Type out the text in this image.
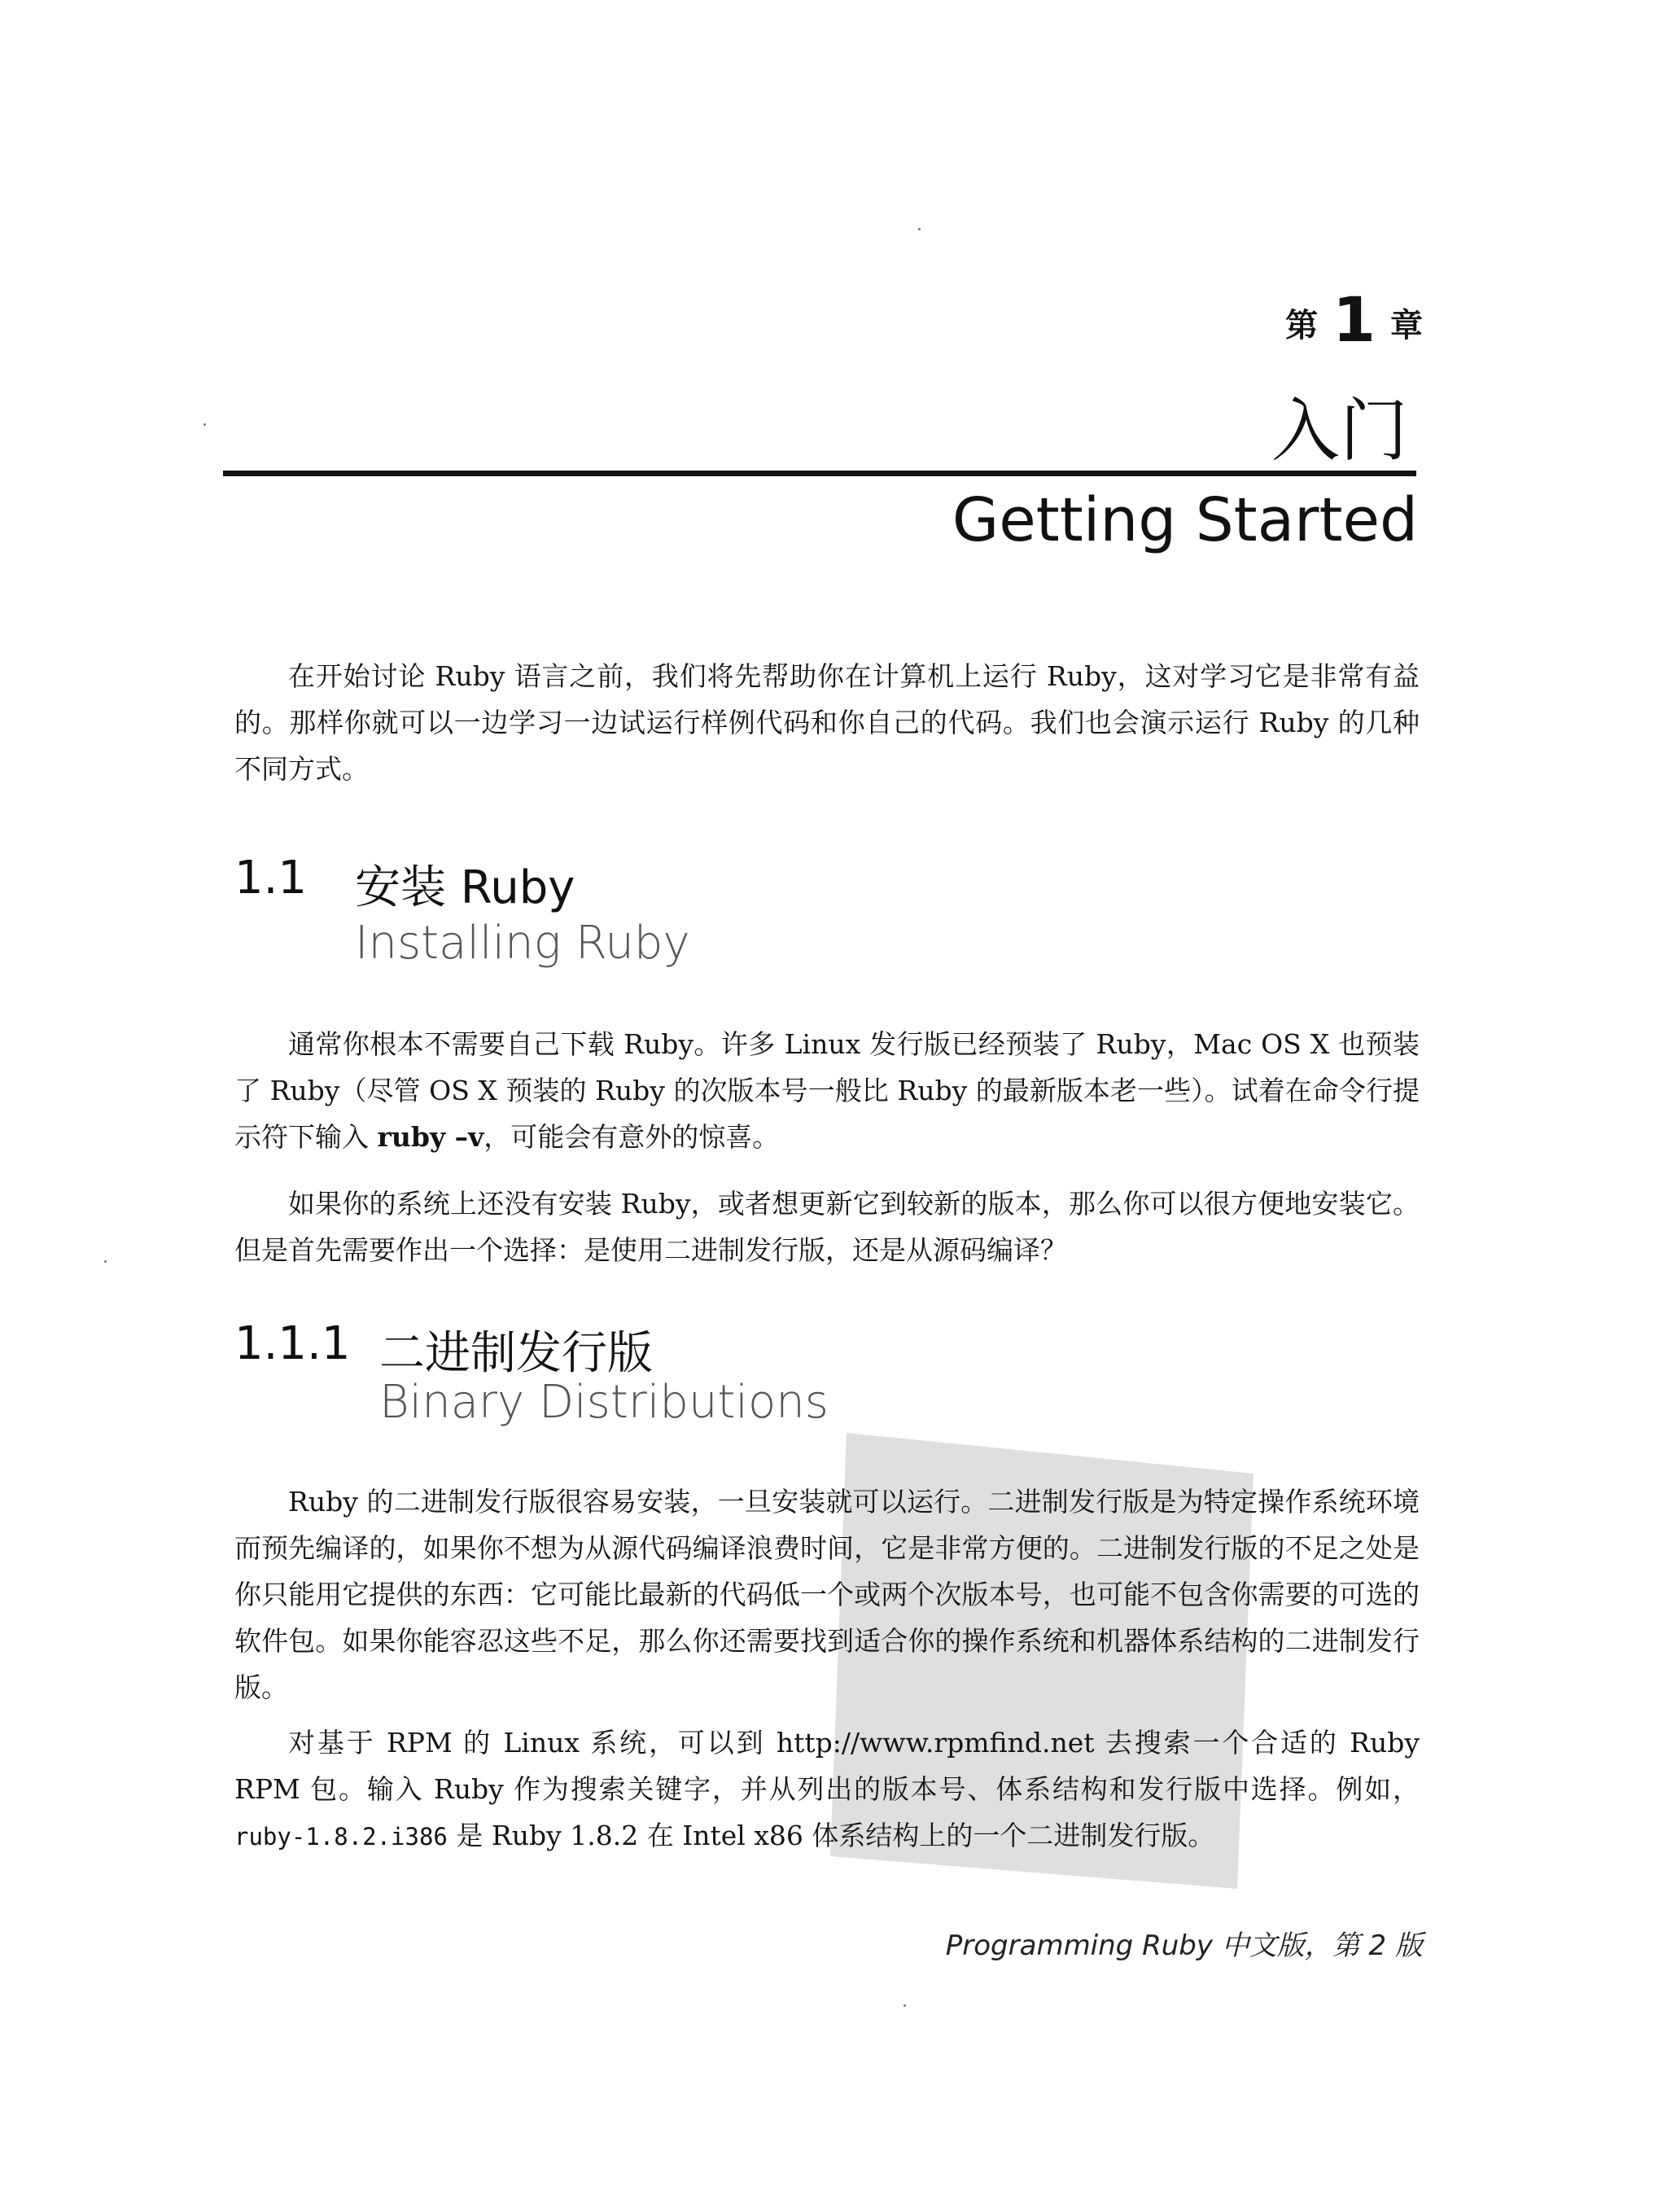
第 1 章
入门
Getting Started

在开始讨论 Ruby 语言之前，我们将先帮助你在计算机上运行 Ruby，这对学习它是非常有益的。那样你就可以一边学习一边试运行样例代码和你自己的代码。我们也会演示运行 Ruby 的几种不同方式。

1.1 安装 Ruby
Installing Ruby

通常你根本不需要自己下载 Ruby。许多 Linux 发行版已经预装了 Ruby，Mac OS X 也预装了 Ruby（尽管 OS X 预装的 Ruby 的次版本号一般比 Ruby 的最新版本老一些）。试着在命令行提示符下输入 ruby –v，可能会有意外的惊喜。

如果你的系统上还没有安装 Ruby，或者想更新它到较新的版本，那么你可以很方便地安装它。但是首先需要作出一个选择：是使用二进制发行版，还是从源码编译？

1.1.1 二进制发行版
Binary Distributions

Ruby 的二进制发行版很容易安装，一旦安装就可以运行。二进制发行版是为特定操作系统环境而预先编译的，如果你不想为从源代码编译浪费时间，它是非常方便的。二进制发行版的不足之处是你只能用它提供的东西：它可能比最新的代码低一个或两个次版本号，也可能不包含你需要的可选的软件包。如果你能容忍这些不足，那么你还需要找到适合你的操作系统和机器体系结构的二进制发行版。

对基于 RPM 的 Linux 系统，可以到 http://www.rpmfind.net 去搜索一个合适的 Ruby RPM 包。输入 Ruby 作为搜索关键字，并从列出的版本号、体系结构和发行版中选择。例如，ruby-1.8.2.i386 是 Ruby 1.8.2 在 Intel x86 体系结构上的一个二进制发行版。

Programming Ruby 中文版，第 2 版
